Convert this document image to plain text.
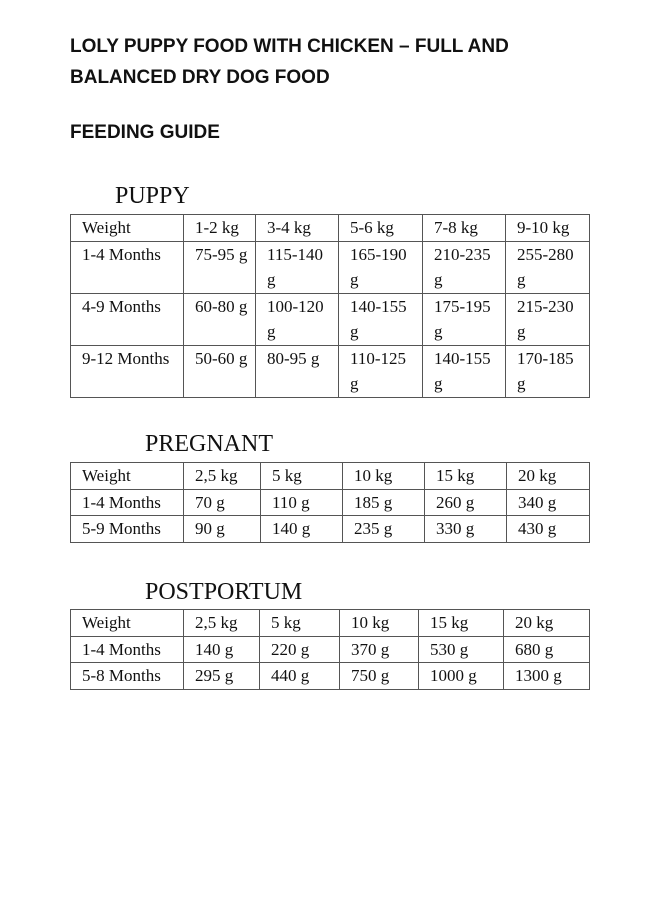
LOLY PUPPY FOOD WITH CHICKEN – FULL AND BALANCED DRY DOG FOOD
FEEDING GUIDE
PUPPY
Weight	1-2 kg	3-4 kg	5-6 kg	7-8 kg	9-10 kg
1-4 Months	75-95 g	115-140 g	165-190 g	210-235 g	255-280 g
4-9 Months	60-80 g	100-120 g	140-155 g	175-195 g	215-230 g
9-12 Months	50-60 g	80-95 g	110-125 g	140-155 g	170-185 g
PREGNANT
Weight	2,5 kg	5 kg	10 kg	15 kg	20 kg
1-4 Months	70 g	110 g	185 g	260 g	340 g
5-9 Months	90 g	140 g	235 g	330 g	430 g
POSTPORTUM
Weight	2,5 kg	5 kg	10 kg	15 kg	20 kg
1-4 Months	140 g	220 g	370 g	530 g	680 g
5-8 Months	295 g	440 g	750 g	1000 g	1300 g
